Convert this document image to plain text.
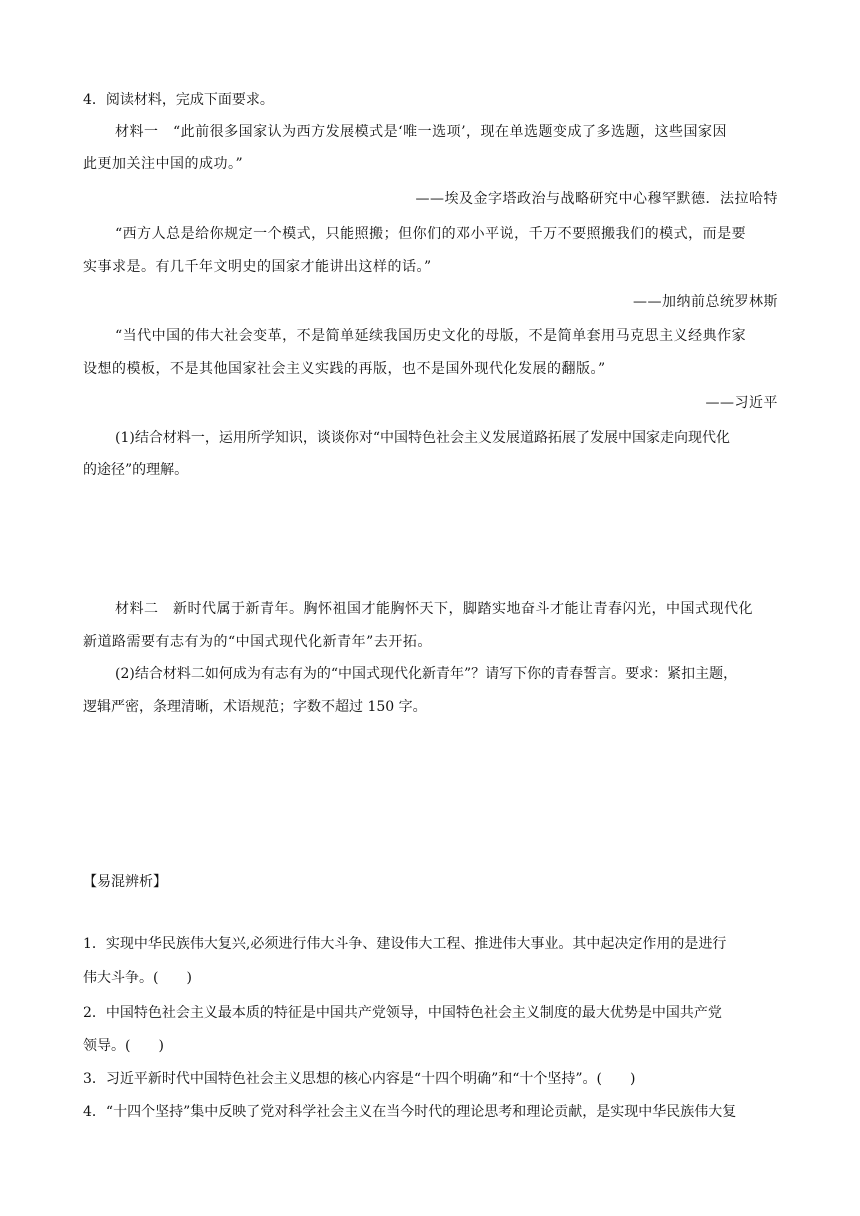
4．阅读材料，完成下面要求。
材料一　“此前很多国家认为西方发展模式是‘唯一选项’，现在单选题变成了多选题，这些国家因
此更加关注中国的成功。”
——埃及金字塔政治与战略研究中心穆罕默德．法拉哈特
“西方人总是给你规定一个模式，只能照搬；但你们的邓小平说，千万不要照搬我们的模式，而是要
实事求是。有几千年文明史的国家才能讲出这样的话。”
——加纳前总统罗林斯
“当代中国的伟大社会变革，不是简单延续我国历史文化的母版，不是简单套用马克思主义经典作家
设想的模板，不是其他国家社会主义实践的再版，也不是国外现代化发展的翻版。”
——习近平
(1)结合材料一，运用所学知识，谈谈你对“中国特色社会主义发展道路拓展了发展中国家走向现代化
的途径”的理解。
材料二　新时代属于新青年。胸怀祖国才能胸怀天下，脚踏实地奋斗才能让青春闪光，中国式现代化
新道路需要有志有为的“中国式现代化新青年”去开拓。
(2)结合材料二如何成为有志有为的“中国式现代化新青年”？请写下你的青春誓言。要求：紧扣主题，
逻辑严密，条理清晰，术语规范；字数不超过 150 字。
【易混辨析】
1．实现中华民族伟大复兴,必须进行伟大斗争、建设伟大工程、推进伟大事业。其中起决定作用的是进行
伟大斗争。( )
2．中国特色社会主义最本质的特征是中国共产党领导，中国特色社会主义制度的最大优势是中国共产党
领导。( )
3．习近平新时代中国特色社会主义思想的核心内容是“十四个明确”和“十个坚持”。( )
4．“十四个坚持”集中反映了党对科学社会主义在当今时代的理论思考和理论贡献，是实现中华民族伟大复
